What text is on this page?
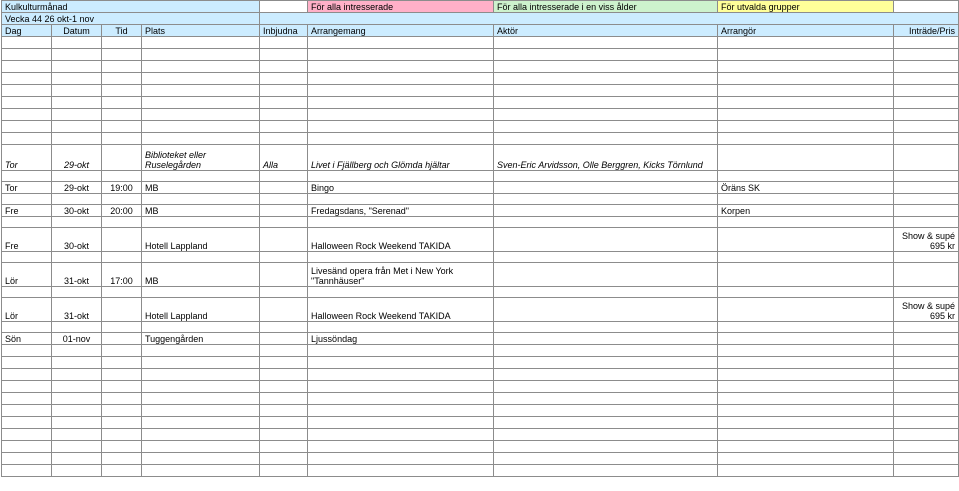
Kulkulturmånad					För alla intresserade	För alla intresserade i en viss ålder	För utvalda grupper	
Vecka 44 26 okt-1 nov								
Dag	Datum	Tid	Plats	Inbjudna	Arrangemang	Aktör	Arrangör	Inträde/Pris

Tor	29-okt		Biblioteket eller Ruselegården	Alla	Livet i Fjällberg och Glömda hjältar	Sven-Eric Arvidsson, Olle Berggren, Kicks Törnlund		

Tor	29-okt	19:00	MB		Bingo		Öräns SK	

Fre	30-okt	20:00	MB		Fredagsdans, "Serenad"		Korpen	

Fre	30-okt		Hotell Lappland		Halloween Rock Weekend TAKIDA			Show & supé 695 kr

Lör	31-okt	17:00	MB		Livesänd opera från Met i New York "Tannhäuser"			

Lör	31-okt		Hotell Lappland		Halloween Rock Weekend TAKIDA			Show & supé 695 kr

Sön	01-nov		Tuggengården		Ljussöndag			
